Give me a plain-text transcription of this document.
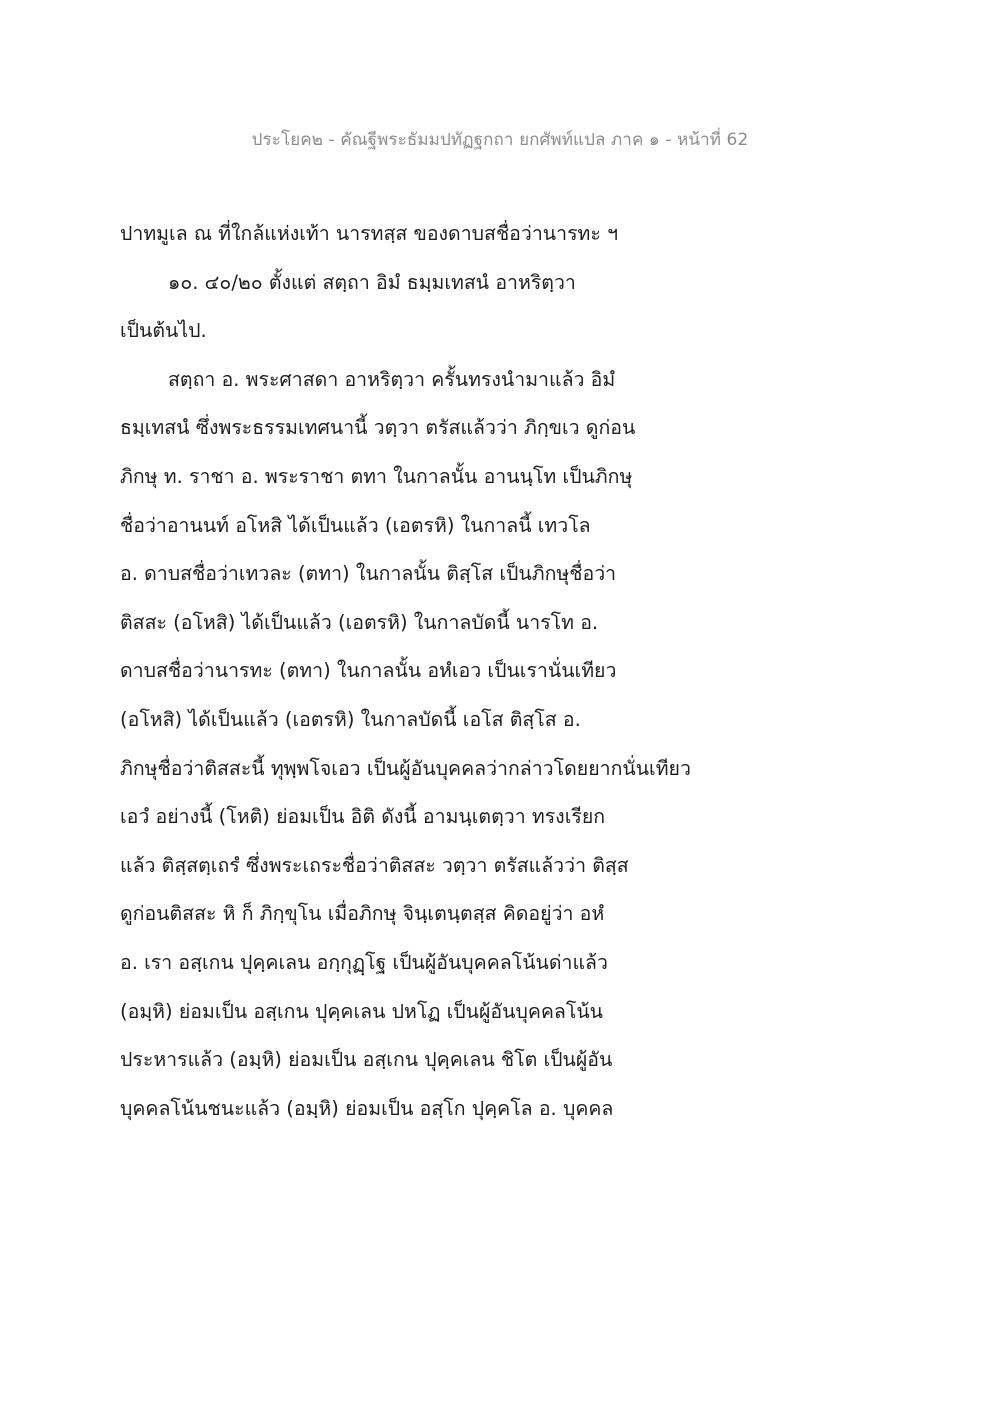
ประโยค๒ - คัณฐีพระธัมมปทัฏฐกถา ยกศัพท์แปล ภาค ๑ - หน้าที่ 62
ปาทมูเล ณ ที่ใกล้แห่งเท้า นารทสฺส ของดาบสชื่อว่านารทะ ฯ
๑๐. ๔๐/๒๐ ตั้งแต่ สตฺถา อิมํ ธมฺมเทสนํ อาหริตฺวา
เป็นต้นไป.
สตฺถา อ. พระศาสดา อาหริตฺวา ครั้นทรงนำมาแล้ว อิมํ
ธมฺเทสนํ ซึ่งพระธรรมเทศนานี้ วตฺวา ตรัสแล้วว่า ภิกฺขเว ดูก่อน
ภิกษุ ท. ราชา อ. พระราชา ตทา ในกาลนั้น อานนฺโท เป็นภิกษุ
ชื่อว่าอานนท์ อโหสิ ได้เป็นแล้ว (เอตรหิ) ในกาลนี้ เทวโล
อ. ดาบสชื่อว่าเทวละ (ตทา) ในกาลนั้น ติสฺโส เป็นภิกษุชื่อว่า
ติสสะ (อโหสิ) ได้เป็นแล้ว (เอตรหิ) ในกาลบัดนี้ นารโท อ.
ดาบสชื่อว่านารทะ (ตทา) ในกาลนั้น อหํเอว เป็นเรานั่นเทียว
(อโหสิ) ได้เป็นแล้ว (เอตรหิ) ในกาลบัดนี้ เอโส ติสฺโส อ.
ภิกษุชื่อว่าติสสะนี้ ทุพฺพโจเอว เป็นผู้อันบุคคลว่ากล่าวโดยยากนั่นเทียว
เอวํ อย่างนี้ (โหติ) ย่อมเป็น อิติ ดังนี้ อามนฺเตตฺวา ทรงเรียก
แล้ว ติสฺสตฺเถรํ ซึ่งพระเถระชื่อว่าติสสะ วตฺวา ตรัสแล้วว่า ติสฺส
ดูก่อนติสสะ หิ ก็ ภิกฺขุโน เมื่อภิกษุ จินฺเตนฺตสฺส คิดอยู่ว่า อหํ
อ. เรา อสฺเกน ปุคฺคเลน อกฺกุฏฺโฐ เป็นผู้อันบุคคลโน้นด่าแล้ว
(อมฺหิ) ย่อมเป็น อสฺเกน ปุคฺคเลน ปหโฏ เป็นผู้อันบุคคลโน้น
ประหารแล้ว (อมฺหิ) ย่อมเป็น อสฺเกน ปุคฺคเลน ชิโต เป็นผู้อัน
บุคคลโน้นชนะแล้ว (อมฺหิ) ย่อมเป็น อสฺโก ปุคฺคโล อ. บุคคล
